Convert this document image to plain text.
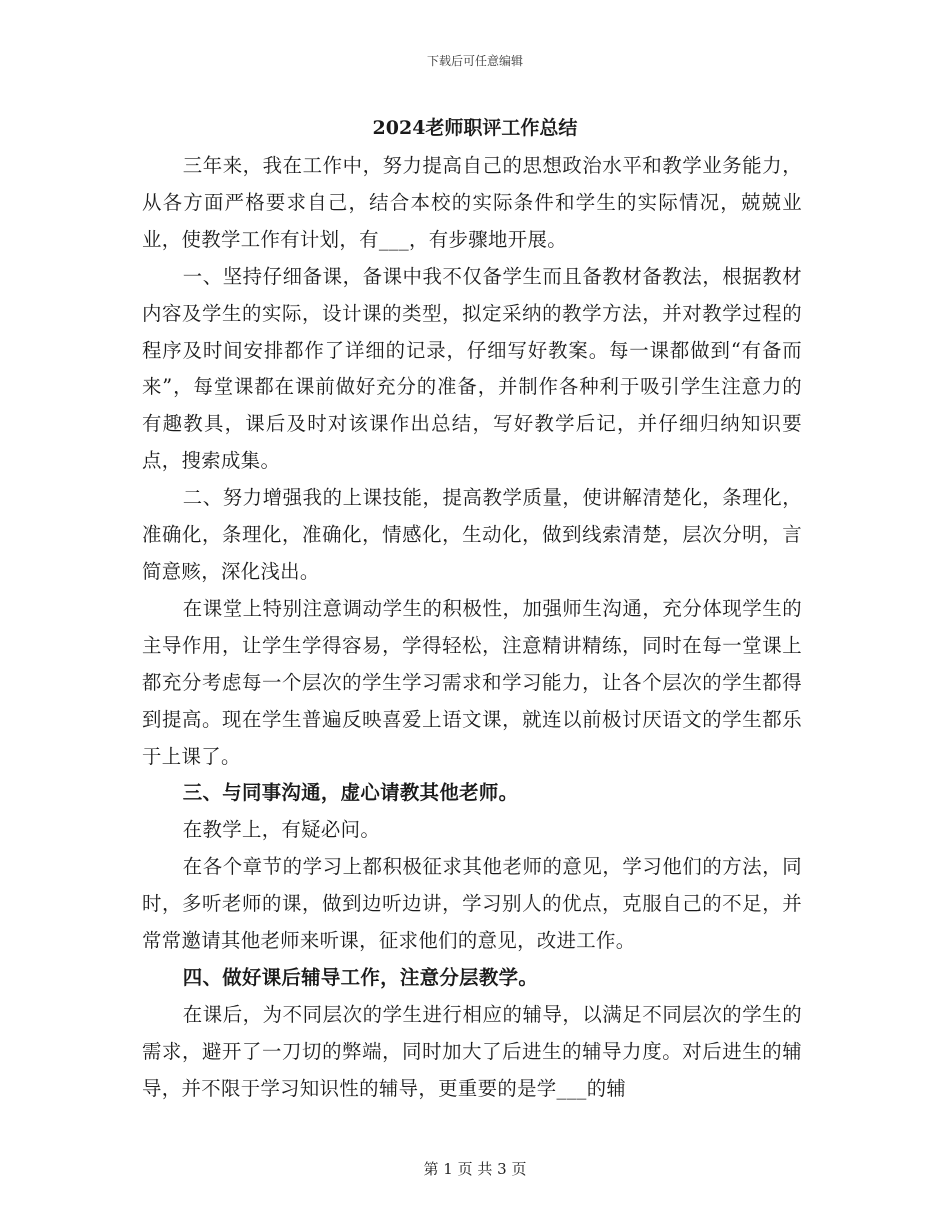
下载后可任意编辑
2024老师职评工作总结

三年来，我在工作中，努力提高自己的思想政治水平和教学业务能力，从各方面严格要求自己，结合本校的实际条件和学生的实际情况，兢兢业业，使教学工作有计划，有___，有步骤地开展。

一、坚持仔细备课，备课中我不仅备学生而且备教材备教法，根据教材内容及学生的实际，设计课的类型，拟定采纳的教学方法，并对教学过程的程序及时间安排都作了详细的记录，仔细写好教案。每一课都做到“有备而来”，每堂课都在课前做好充分的准备，并制作各种利于吸引学生注意力的有趣教具，课后及时对该课作出总结，写好教学后记，并仔细归纳知识要点，搜索成集。

二、努力增强我的上课技能，提高教学质量，使讲解清楚化，条理化，准确化，条理化，准确化，情感化，生动化，做到线索清楚，层次分明，言简意赅，深化浅出。

在课堂上特别注意调动学生的积极性，加强师生沟通，充分体现学生的主导作用，让学生学得容易，学得轻松，注意精讲精练，同时在每一堂课上都充分考虑每一个层次的学生学习需求和学习能力，让各个层次的学生都得到提高。现在学生普遍反映喜爱上语文课，就连以前极讨厌语文的学生都乐于上课了。

三、与同事沟通，虚心请教其他老师。

在教学上，有疑必问。

在各个章节的学习上都积极征求其他老师的意见，学习他们的方法，同时，多听老师的课，做到边听边讲，学习别人的优点，克服自己的不足，并常常邀请其他老师来听课，征求他们的意见，改进工作。

四、做好课后辅导工作，注意分层教学。

在课后，为不同层次的学生进行相应的辅导，以满足不同层次的学生的需求，避开了一刀切的弊端，同时加大了后进生的辅导力度。对后进生的辅导，并不限于学习知识性的辅导，更重要的是学___的辅

第 1 页 共 3 页
